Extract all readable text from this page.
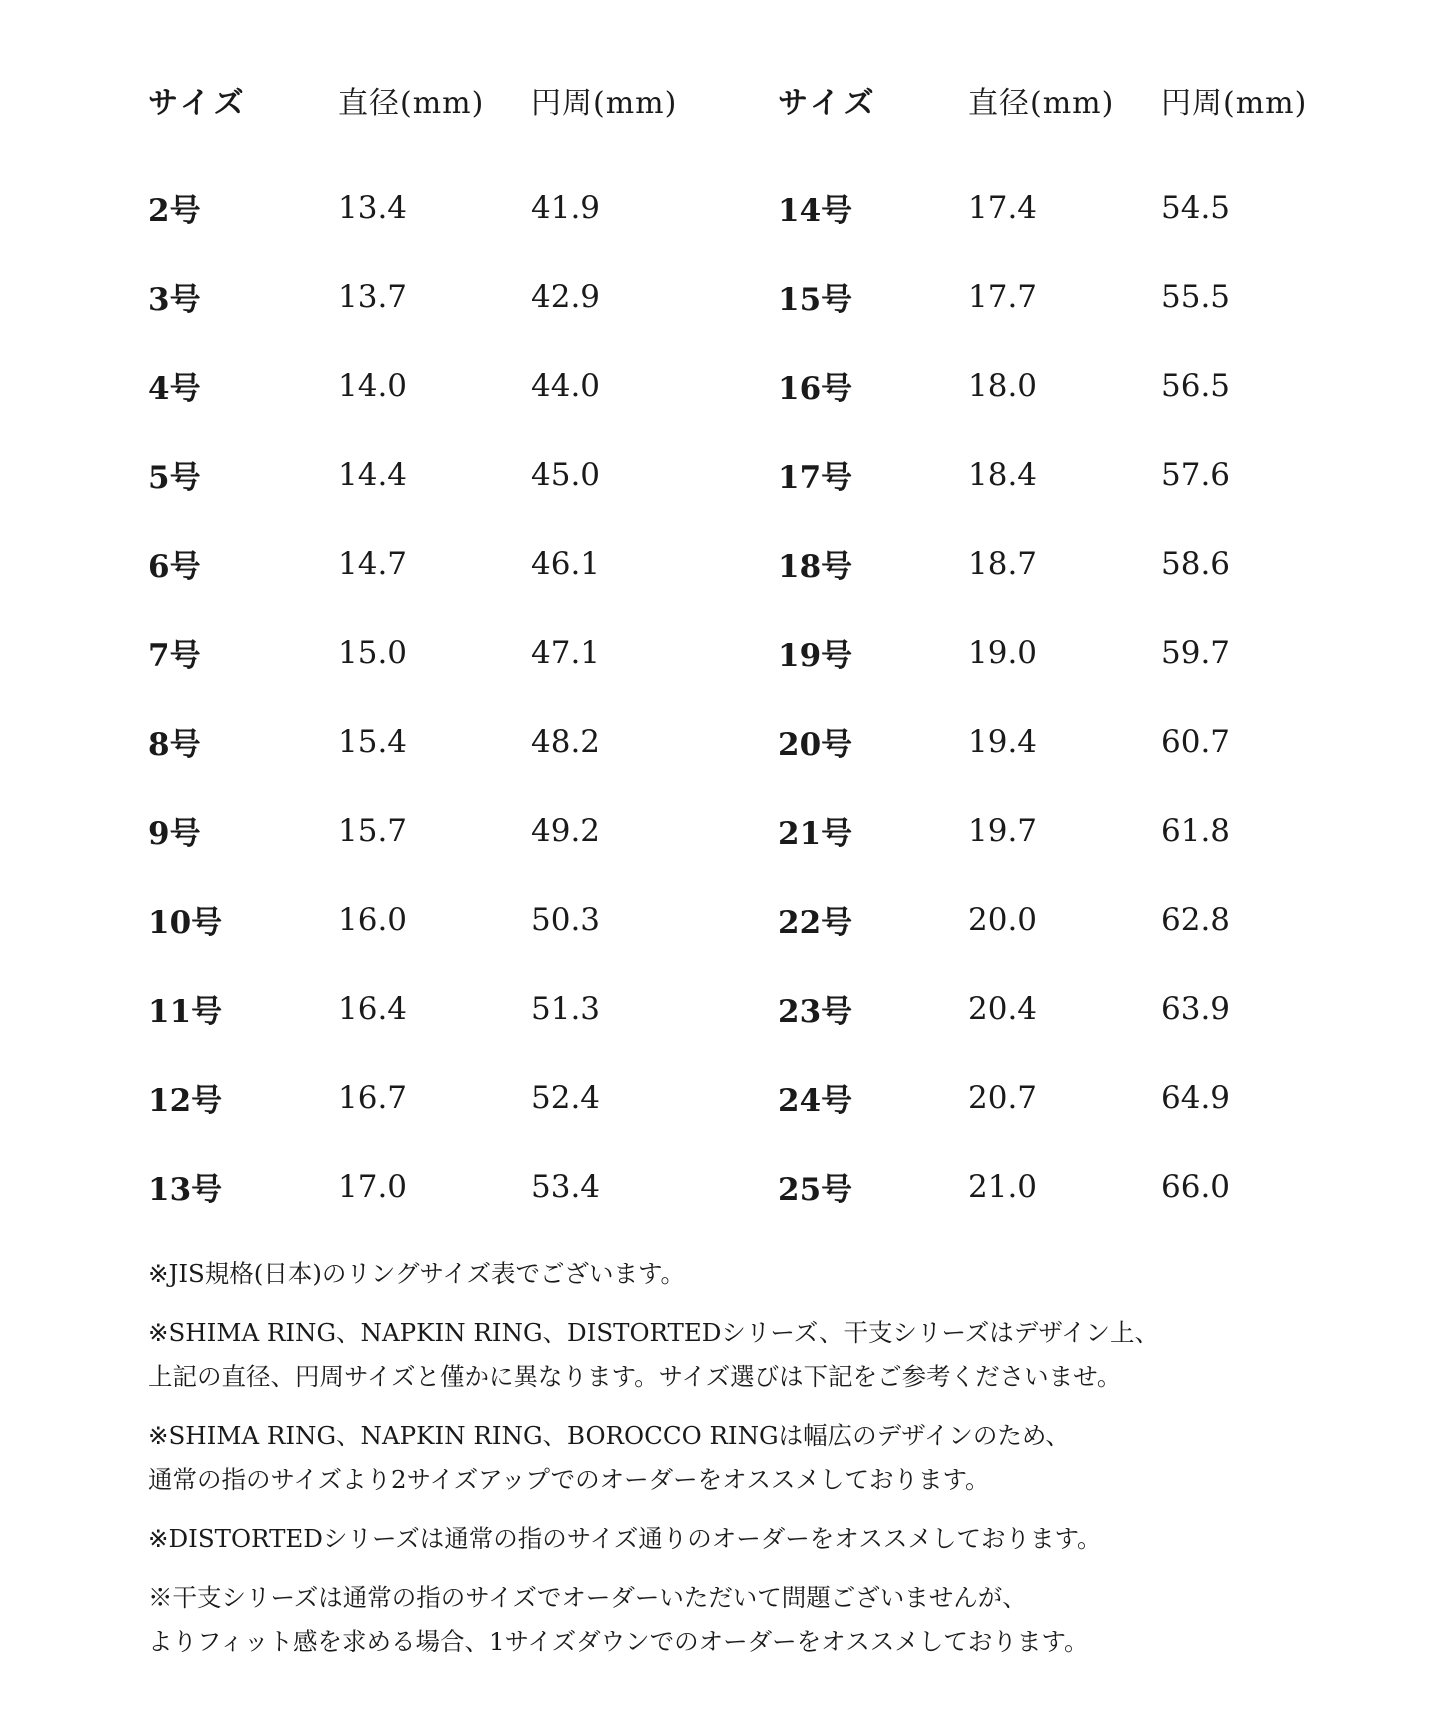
サイズ	直径(mm)	円周(mm)
2号	13.4	41.9
3号	13.7	42.9
4号	14.0	44.0
5号	14.4	45.0
6号	14.7	46.1
7号	15.0	47.1
8号	15.4	48.2
9号	15.7	49.2
10号	16.0	50.3
11号	16.4	51.3
12号	16.7	52.4
13号	17.0	53.4
サイズ	直径(mm)	円周(mm)
14号	17.4	54.5
15号	17.7	55.5
16号	18.0	56.5
17号	18.4	57.6
18号	18.7	58.6
19号	19.0	59.7
20号	19.4	60.7
21号	19.7	61.8
22号	20.0	62.8
23号	20.4	63.9
24号	20.7	64.9
25号	21.0	66.0
※JIS規格(日本)のリングサイズ表でございます。
※SHIMA RING、NAPKIN RING、DISTORTEDシリーズ、干支シリーズはデザイン上、
上記の直径、円周サイズと僅かに異なります。サイズ選びは下記をご参考くださいませ。
※SHIMA RING、NAPKIN RING、BOROCCO RINGは幅広のデザインのため、
通常の指のサイズより2サイズアップでのオーダーをオススメしております。
※DISTORTEDシリーズは通常の指のサイズ通りのオーダーをオススメしております。
※干支シリーズは通常の指のサイズでオーダーいただいて問題ございませんが、
よりフィット感を求める場合、1サイズダウンでのオーダーをオススメしております。
